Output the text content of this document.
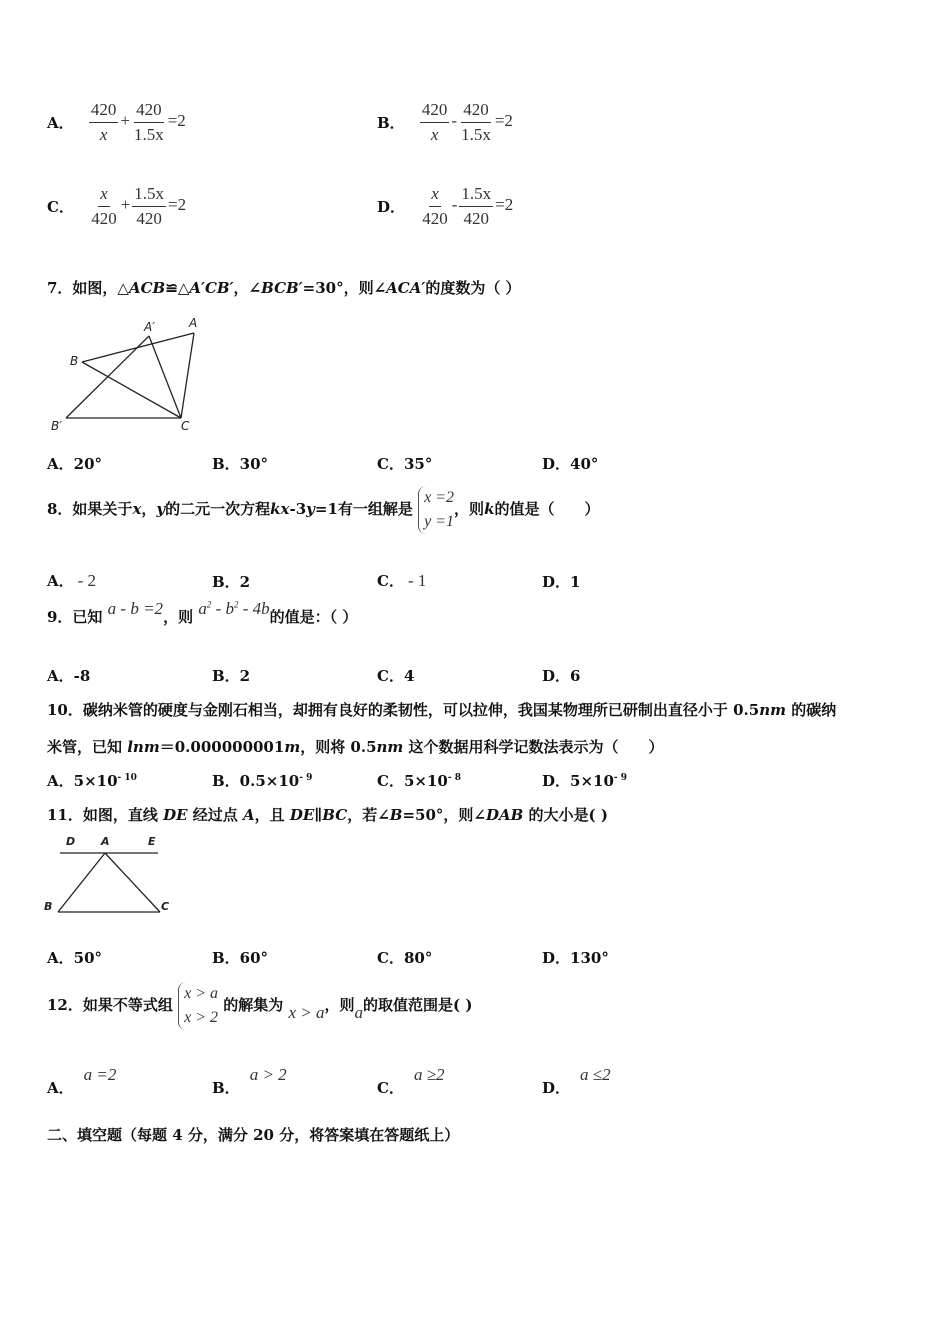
A． $\frac{420}{x} + \frac{420}{1.5x} =2$	B． $\frac{420}{x} - \frac{420}{1.5x} =2$
C． $\frac{x}{420} + \frac{1.5x}{420} =2$	D． $\frac{x}{420} - \frac{1.5x}{420} =2$
7．如图，△ACB≌△A′CB′，∠BCB′=30°，则∠ACA′的度数为（ ）
A
A′
B
B′	C
A．20°	B．30°	C．35°	D．40°
8．如果关于x，y的二元一次方程kx-3y=1有一组解是 x =2
y =1，则k的值是（　　）
A． - 2	B．2	C． - 1	D．1
9．已知 a - b =2，则 $a^2 - b^2 - 4b$的值是：（ ）
A．-8	B．2	C．4	D．6
10．碳纳米管的硬度与金刚石相当，却拥有良好的柔韧性，可以拉伸，我国某物理所已研制出直径小于 0.5nm 的碳纳
米管，已知 lnm＝0.000000001m，则将 0.5nm 这个数据用科学记数法表示为（　　）
A．$5\times 10^{- 10}$	B．$0.5\times 10^{- 9}$	C．$5\times 10^{- 8}$	D．$5\times 10^{- 9}$
11．如图，直线 DE 经过点 A，且 DE∥BC，若∠B=50°，则∠DAB 的大小是( )
D A	E
B	C
A．50°	B．60°	C．80°	D．130°
12．如果不等式组 x > a
x > 2 的解集为 x > a，则a的取值范围是( )
A．a =2
B．a > 2
C．a ≥2
D．a ≤2
二、填空题（每题 4 分，满分 20 分，将答案填在答题纸上）
